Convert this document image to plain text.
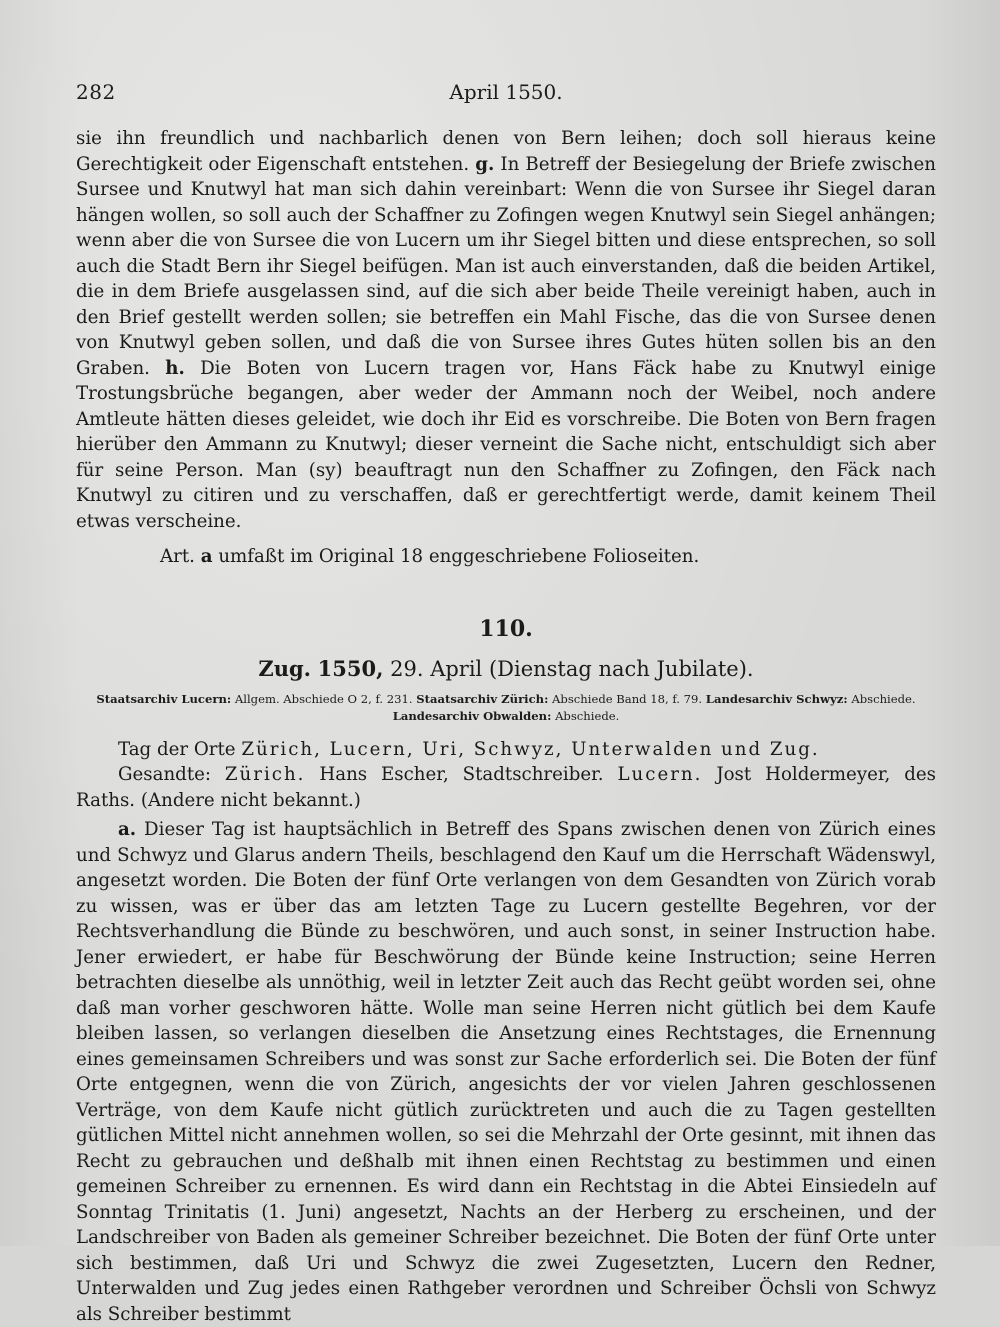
282	April 1550.

sie ihn freundlich und nachbarlich denen von Bern leihen; doch soll hieraus keine Gerechtigkeit oder Eigenschaft entstehen. g. In Betreff der Besiegelung der Briefe zwischen Sursee und Knutwyl hat man sich dahin vereinbart: Wenn die von Sursee ihr Siegel daran hängen wollen, so soll auch der Schaffner zu Zofingen wegen Knutwyl sein Siegel anhängen; wenn aber die von Sursee die von Lucern um ihr Siegel bitten und diese entsprechen, so soll auch die Stadt Bern ihr Siegel beifügen. Man ist auch einverstanden, daß die beiden Artikel, die in dem Briefe ausgelassen sind, auf die sich aber beide Theile vereinigt haben, auch in den Brief gestellt werden sollen; sie betreffen ein Mahl Fische, das die von Sursee denen von Knutwyl geben sollen, und daß die von Sursee ihres Gutes hüten sollen bis an den Graben. h. Die Boten von Lucern tragen vor, Hans Fäck habe zu Knutwyl einige Trostungsbrüche begangen, aber weder der Ammann noch der Weibel, noch andere Amtleute hätten dieses geleidet, wie doch ihr Eid es vorschreibe. Die Boten von Bern fragen hierüber den Ammann zu Knutwyl; dieser verneint die Sache nicht, entschuldigt sich aber für seine Person. Man (sy) beauftragt nun den Schaffner zu Zofingen, den Fäck nach Knutwyl zu citiren und zu verschaffen, daß er gerechtfertigt werde, damit keinem Theil etwas verscheine.

Art. a umfaßt im Original 18 enggeschriebene Folioseiten.

110.
Zug. 1550, 29. April (Dienstag nach Jubilate).
Staatsarchiv Lucern: Allgem. Abschiede O 2, f. 231. Staatsarchiv Zürich: Abschiede Band 18, f. 79. Landesarchiv Schwyz: Abschiede.
Landesarchiv Obwalden: Abschiede.

Tag der Orte Zürich, Lucern, Uri, Schwyz, Unterwalden und Zug.

Gesandte: Zürich. Hans Escher, Stadtschreiber. Lucern. Jost Holdermeyer, des Raths. (Andere nicht bekannt.)

a. Dieser Tag ist hauptsächlich in Betreff des Spans zwischen denen von Zürich eines und Schwyz und Glarus andern Theils, beschlagend den Kauf um die Herrschaft Wädenswyl, angesetzt worden. Die Boten der fünf Orte verlangen von dem Gesandten von Zürich vorab zu wissen, was er über das am letzten Tage zu Lucern gestellte Begehren, vor der Rechtsverhandlung die Bünde zu beschwören, und auch sonst, in seiner Instruction habe. Jener erwiedert, er habe für Beschwörung der Bünde keine Instruction; seine Herren betrachten dieselbe als unnöthig, weil in letzter Zeit auch das Recht geübt worden sei, ohne daß man vorher geschworen hätte. Wolle man seine Herren nicht gütlich bei dem Kaufe bleiben lassen, so verlangen dieselben die Ansetzung eines Rechtstages, die Ernennung eines gemeinsamen Schreibers und was sonst zur Sache erforderlich sei. Die Boten der fünf Orte entgegnen, wenn die von Zürich, angesichts der vor vielen Jahren geschlossenen Verträge, von dem Kaufe nicht gütlich zurücktreten und auch die zu Tagen gestellten gütlichen Mittel nicht annehmen wollen, so sei die Mehrzahl der Orte gesinnt, mit ihnen das Recht zu gebrauchen und deßhalb mit ihnen einen Rechtstag zu bestimmen und einen gemeinen Schreiber zu ernennen. Es wird dann ein Rechtstag in die Abtei Einsiedeln auf Sonntag Trinitatis (1. Juni) angesetzt, Nachts an der Herberg zu erscheinen, und der Landschreiber von Baden als gemeiner Schreiber bezeichnet. Die Boten der fünf Orte unter sich bestimmen, daß Uri und Schwyz die zwei Zugesetzten, Lucern den Redner, Unterwalden und Zug jedes einen Rathgeber verordnen und Schreiber Öchsli von Schwyz als Schreiber bestimmt
